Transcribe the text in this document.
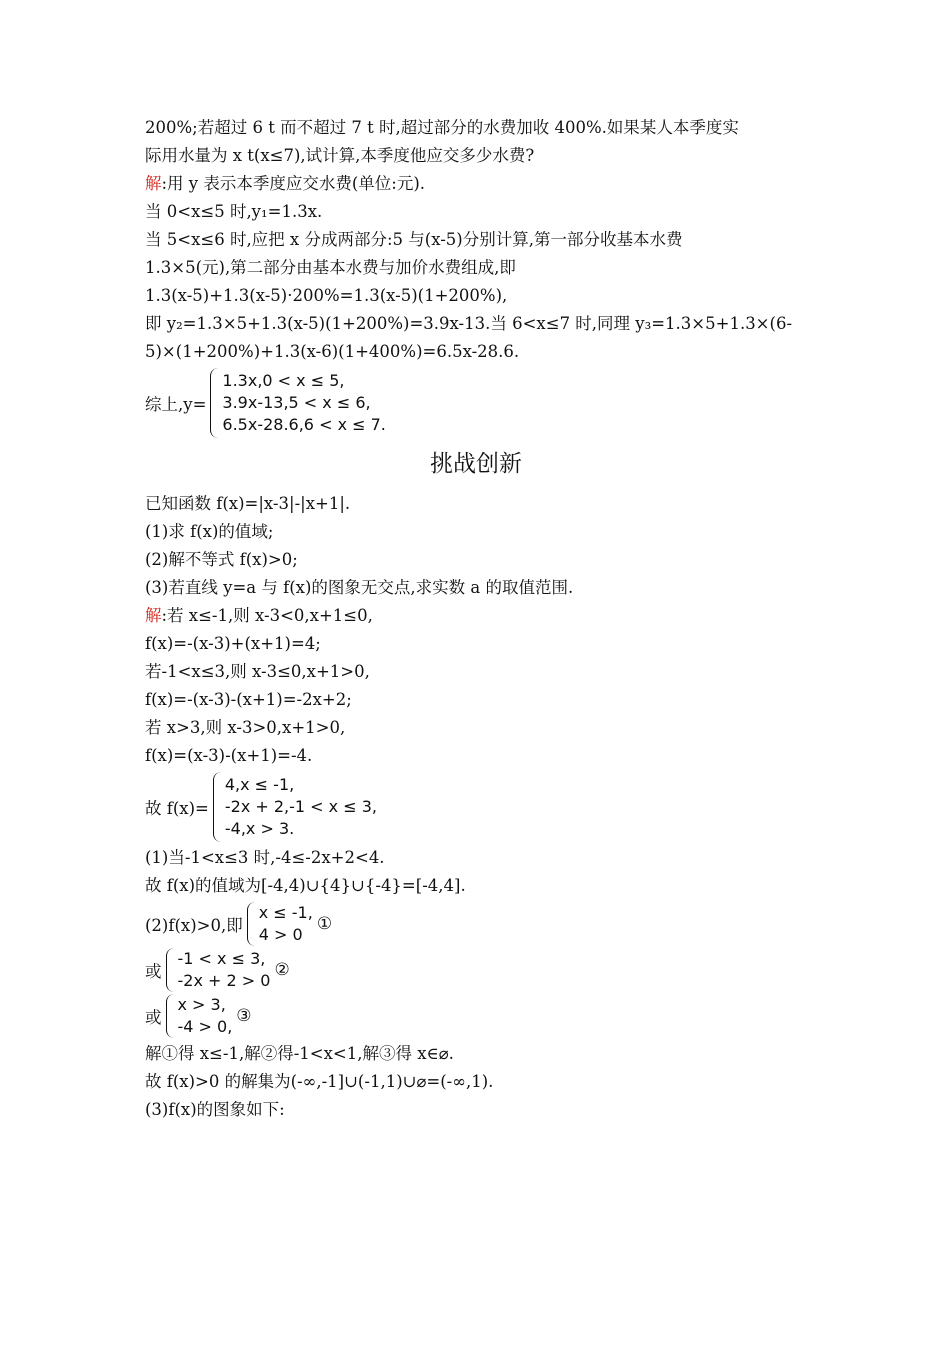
200%;若超过 6 t 而不超过 7 t 时,超过部分的水费加收 400%.如果某人本季度实
际用水量为 x t(x≤7),试计算,本季度他应交多少水费?
解:用 y 表示本季度应交水费(单位:元).
当 0<x≤5 时,y₁=1.3x.
当 5<x≤6 时,应把 x 分成两部分:5 与(x-5)分别计算,第一部分收基本水费
1.3×5(元),第二部分由基本水费与加价水费组成,即
1.3(x-5)+1.3(x-5)·200%=1.3(x-5)(1+200%),
即 y₂=1.3×5+1.3(x-5)(1+200%)=3.9x-13.当 6<x≤7 时,同理 y₃=1.3×5+1.3×(6-
5)×(1+200%)+1.3(x-6)(1+400%)=6.5x-28.6.
综上,y=
1.3x,0 < x ≤ 5,
3.9x-13,5 < x ≤ 6,
6.5x-28.6,6 < x ≤ 7.
挑战创新
已知函数 f(x)=|x-3|-|x+1|.
(1)求 f(x)的值域;
(2)解不等式 f(x)>0;
(3)若直线 y=a 与 f(x)的图象无交点,求实数 a 的取值范围.
解:若 x≤-1,则 x-3<0,x+1≤0,
f(x)=-(x-3)+(x+1)=4;
若-1<x≤3,则 x-3≤0,x+1>0,
f(x)=-(x-3)-(x+1)=-2x+2;
若 x>3,则 x-3>0,x+1>0,
f(x)=(x-3)-(x+1)=-4.
故 f(x)=
4,x ≤ -1,
-2x + 2,-1 < x ≤ 3,
-4,x > 3.
(1)当-1<x≤3 时,-4≤-2x+2<4.
故 f(x)的值域为[-4,4)∪{4}∪{-4}=[-4,4].
(2)f(x)>0,即
x ≤ -1,
4 > 0
①
或
-1 < x ≤ 3,
-2x + 2 > 0
②
或
x > 3,
-4 > 0,
③
解①得 x≤-1,解②得-1<x<1,解③得 x∈⌀.
故 f(x)>0 的解集为(-∞,-1]∪(-1,1)∪⌀=(-∞,1).
(3)f(x)的图象如下:
